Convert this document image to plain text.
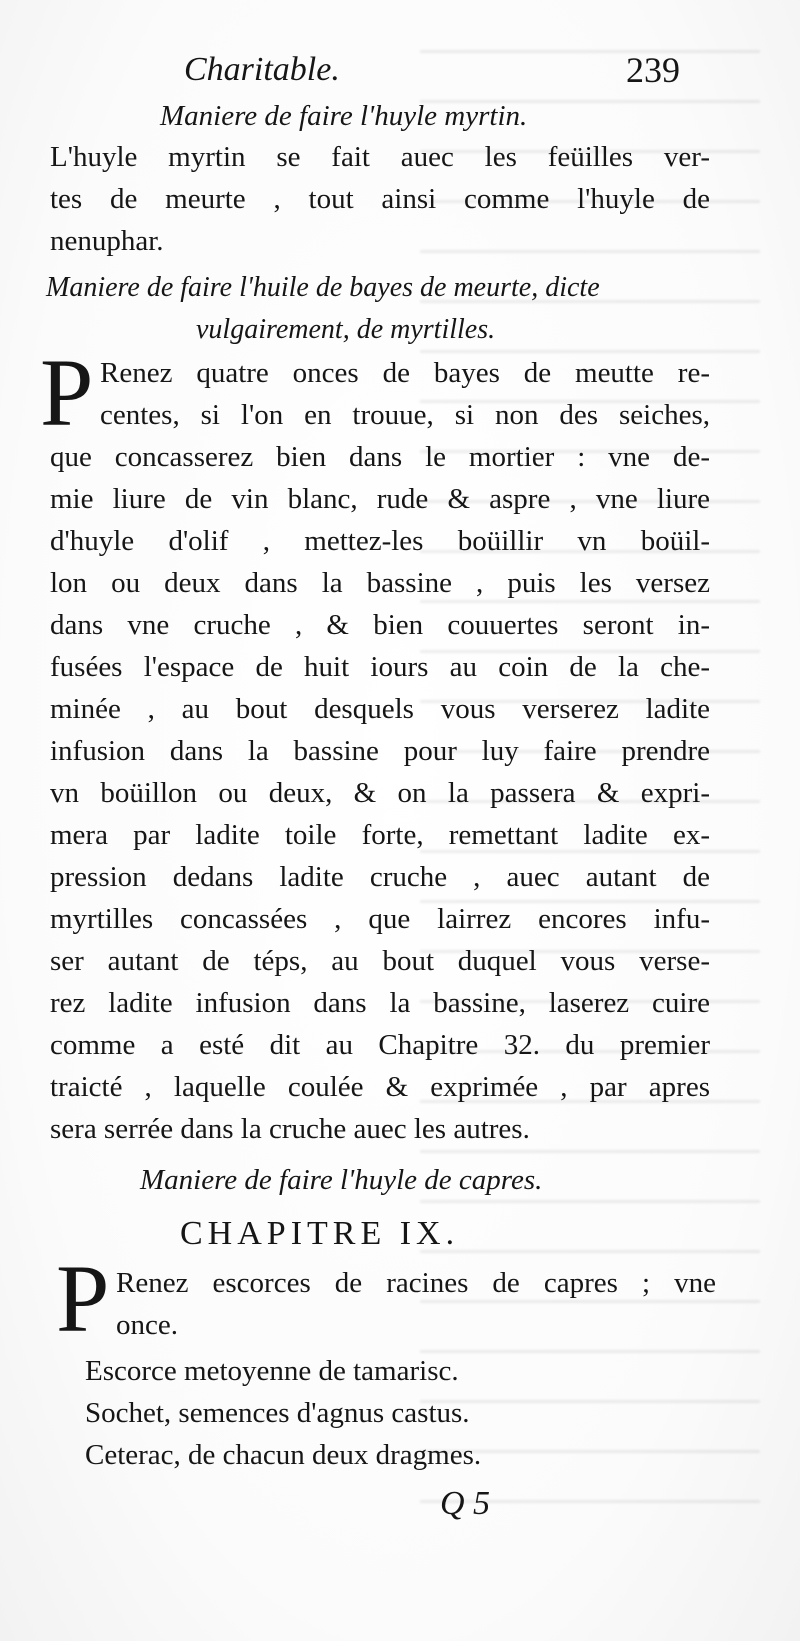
Charitable.	239
Maniere de faire l'huyle myrtin.
L'huyle myrtin se fait auec les feüilles ver-
tes de meurte , tout ainsi comme l'huyle de
nenuphar.
Maniere de faire l'huile de bayes de meurte, dicte
vulgairement, de myrtilles.
P Renez quatre onces de bayes de meutte re-
centes, si l'on en trouue, si non des seiches,
que concasserez bien dans le mortier : vne de-
mie liure de vin blanc, rude & aspre , vne liure
d'huyle d'olif , mettez-les boüillir vn boüil-
lon ou deux dans la bassine , puis les versez
dans vne cruche , & bien couuertes seront in-
fusées l'espace de huit iours au coin de la che-
minée , au bout desquels vous verserez ladite
infusion dans la bassine pour luy faire prendre
vn boüillon ou deux, & on la passera & expri-
mera par ladite toile forte, remettant ladite ex-
pression dedans ladite cruche , auec autant de
myrtilles concassées , que lairrez encores infu-
ser autant de téps, au bout duquel vous verse-
rez ladite infusion dans la bassine, laserez cuire
comme a esté dit au Chapitre 32. du premier
traicté , laquelle coulée & exprimée , par apres
sera serrée dans la cruche auec les autres.
Maniere de faire l'huyle de capres.
CHAPITRE IX.
P Renez escorces de racines de capres ; vne
once.
Escorce metoyenne de tamarisc.
Sochet, semences d'agnus castus.
Ceterac, de chacun deux dragmes.
Q 5
